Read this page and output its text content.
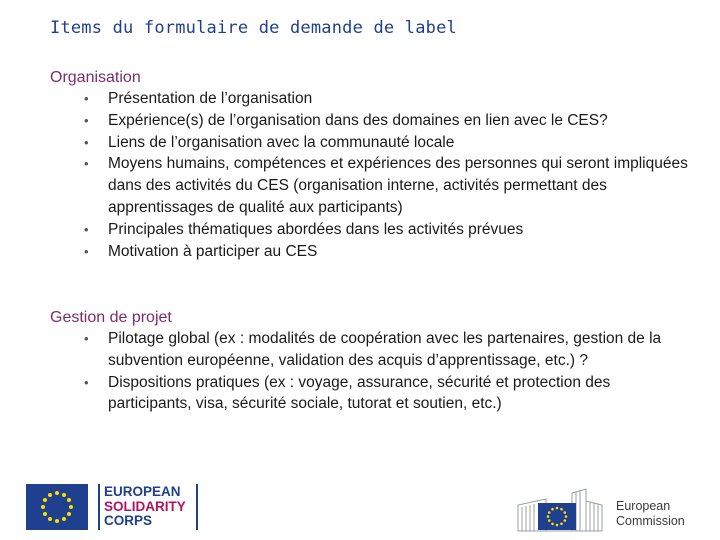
Items du formulaire de demande de label
Organisation
• Présentation de l’organisation
• Expérience(s) de l’organisation dans des domaines en lien avec le CES?
• Liens de l’organisation avec la communauté locale
• Moyens humains, compétences et expériences des personnes qui seront impliquées dans des activités du CES (organisation interne, activités permettant des apprentissages de qualité aux participants)
• Principales thématiques abordées dans les activités prévues
• Motivation à participer au CES
Gestion de projet
• Pilotage global (ex : modalités de coopération avec les partenaires, gestion de la subvention européenne, validation des acquis d’apprentissage, etc.) ?
• Dispositions pratiques (ex : voyage, assurance, sécurité et protection des participants, visa, sécurité sociale, tutorat et soutien, etc.)
EUROPEAN
SOLIDARITY
CORPS
European
Commission
